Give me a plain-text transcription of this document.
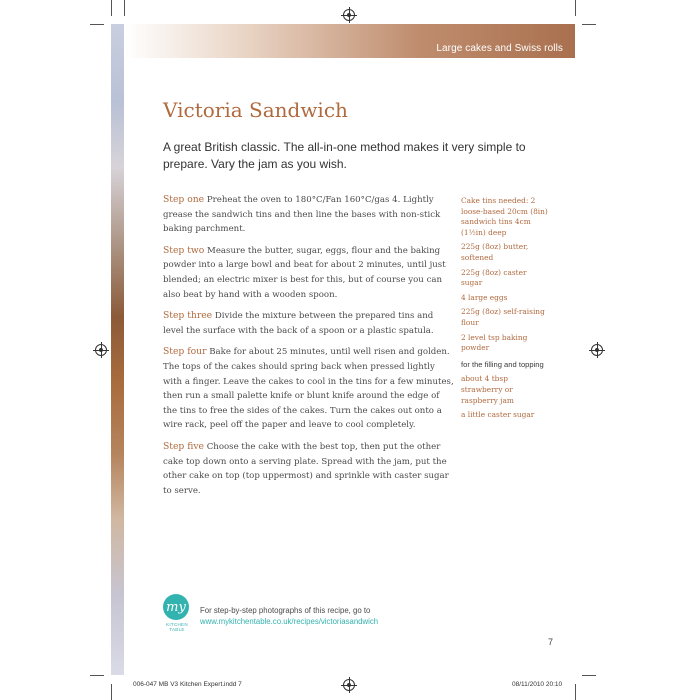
Large cakes and Swiss rolls
Victoria Sandwich

A great British classic. The all-in-one method makes it very simple to prepare. Vary the jam as you wish.

Step one Preheat the oven to 180°C/Fan 160°C/gas 4. Lightly grease the sandwich tins and then line the bases with non-stick baking parchment.

Step two Measure the butter, sugar, eggs, flour and the baking powder into a large bowl and beat for about 2 minutes, until just blended; an electric mixer is best for this, but of course you can also beat by hand with a wooden spoon.

Step three Divide the mixture between the prepared tins and level the surface with the back of a spoon or a plastic spatula.

Step four Bake for about 25 minutes, until well risen and golden. The tops of the cakes should spring back when pressed lightly with a finger. Leave the cakes to cool in the tins for a few minutes, then run a small palette knife or blunt knife around the edge of the tins to free the sides of the cakes. Turn the cakes out onto a wire rack, peel off the paper and leave to cool completely.

Step five Choose the cake with the best top, then put the other cake top down onto a serving plate. Spread with the jam, put the other cake on top (top uppermost) and sprinkle with caster sugar to serve.

Cake tins needed: 2 loose-based 20cm (8in) sandwich tins 4cm (1½in) deep

225g (8oz) butter, softened

225g (8oz) caster sugar

4 large eggs

225g (8oz) self-raising flour

2 level tsp baking powder

for the filling and topping

about 4 tbsp strawberry or raspberry jam

a little caster sugar

my
KITCHEN TABLE
For step-by-step photographs of this recipe, go to
www.mykitchentable.co.uk/recipes/victoriasandwich
7
006-047 MB V3 Kitchen Expert.indd 7	08/11/2010 20:10
